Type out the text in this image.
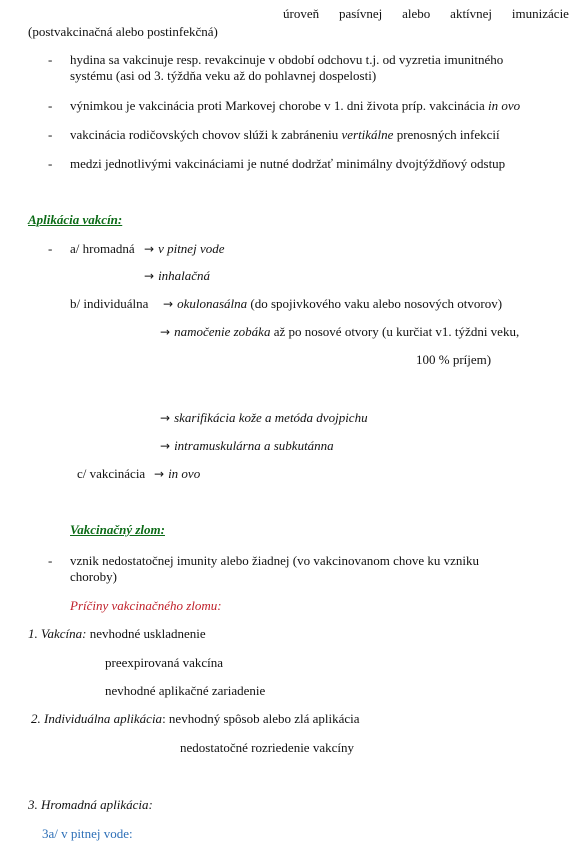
úroveň pasívnej alebo aktívnej imunizácie
(postvakcinačná alebo postinfekčná)
- hydina sa vakcinuje resp. revakcinuje v období odchovu t.j. od vyzretia imunitného
systému (asi od 3. týždňa veku až do pohlavnej dospelosti)
- výnimkou je vakcinácia proti Markovej chorobe v 1. dni života príp. vakcinácia in ovo
- vakcinácia rodičovských chovov slúži k zabráneniu vertikálne prenosných infekcií
- medzi jednotlivými vakcináciami je nutné dodržať minimálny dvojtýždňový odstup
Aplikácia vakcín:
- a/ hromadná → v pitnej vode
→ inhalačná
b/ individuálna → okulonasálna (do spojivkového vaku alebo nosových otvorov)
→ namočenie zobáka až po nosové otvory (u kurčiat v1. týždni veku,
100 % príjem)
→ skarifikácia kože a metóda dvojpichu
→ intramuskulárna a subkutánna
c/ vakcinácia → in ovo
Vakcinačný zlom:
- vznik nedostatočnej imunity alebo žiadnej (vo vakcinovanom chove ku vzniku
choroby)
Príčiny vakcinačného zlomu:
1. Vakcína: nevhodné uskladnenie
preexpirovaná vakcína
nevhodné aplikačné zariadenie
2. Individuálna aplikácia: nevhodný spôsob alebo zlá aplikácia
nedostatočné rozriedenie vakcíny
3. Hromadná aplikácia:
3a/ v pitnej vode:
